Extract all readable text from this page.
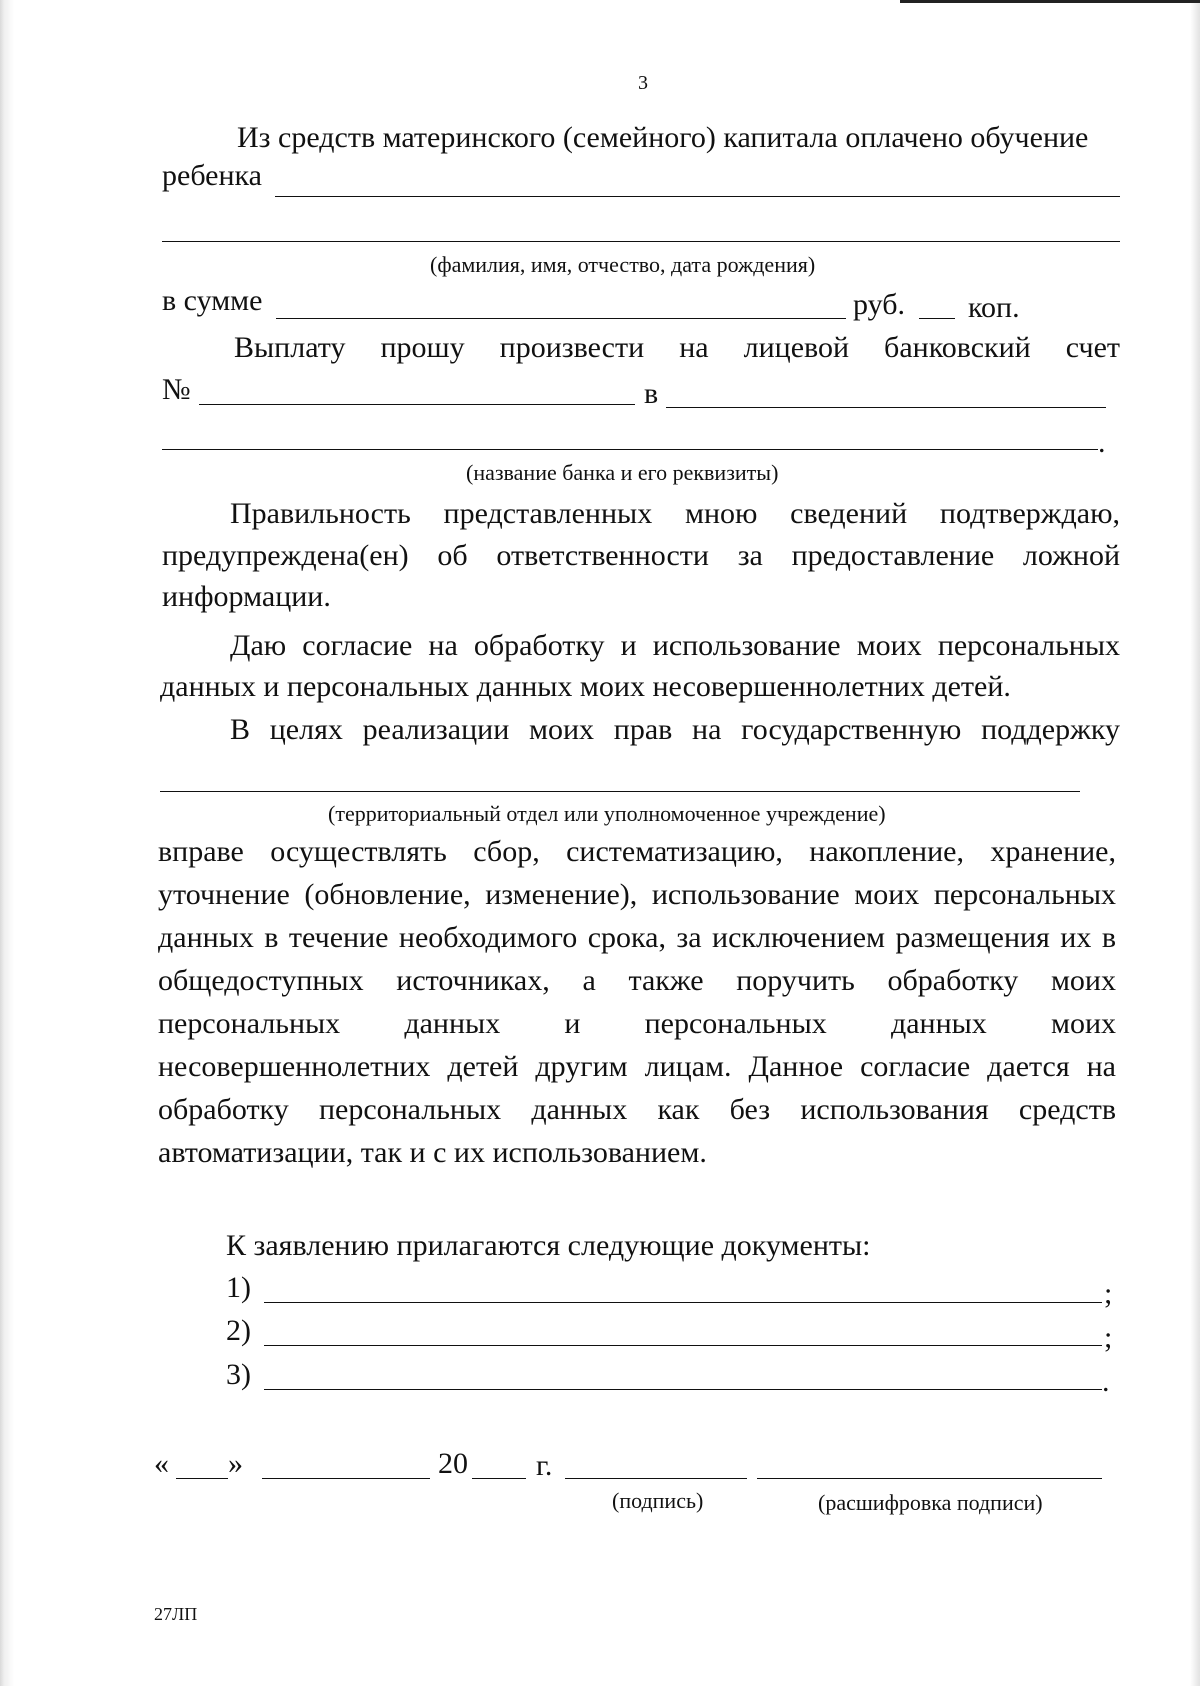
3
Из средств материнского (семейного) капитала оплачено обучение
ребенка
(фамилия, имя, отчество, дата рождения)
в сумме	руб. коп.
Выплату прошу произвести на лицевой банковский счет
№	в
.
(название банка и его реквизиты)
Правильность представленных мною сведений подтверждаю,
предупреждена(ен) об ответственности за предоставление ложной
информации.
Даю согласие на обработку и использование моих персональных
данных и персональных данных моих несовершеннолетних детей.
В целях реализации моих прав на государственную поддержку
(территориальный отдел или уполномоченное учреждение)
вправе осуществлять сбор, систематизацию, накопление, хранение,
уточнение (обновление, изменение), использование моих персональных
данных в течение необходимого срока, за исключением размещения их в
общедоступных источниках, а также поручить обработку моих
персональных данных и персональных данных моих
несовершеннолетних детей другим лицам. Данное согласие дается на
обработку персональных данных как без использования средств
автоматизации, так и с их использованием.
К заявлению прилагаются следующие документы:
1)	;
2)	;
3)	.
« »	20 г.
(подпись)	(расшифровка подписи)
27ЛП
